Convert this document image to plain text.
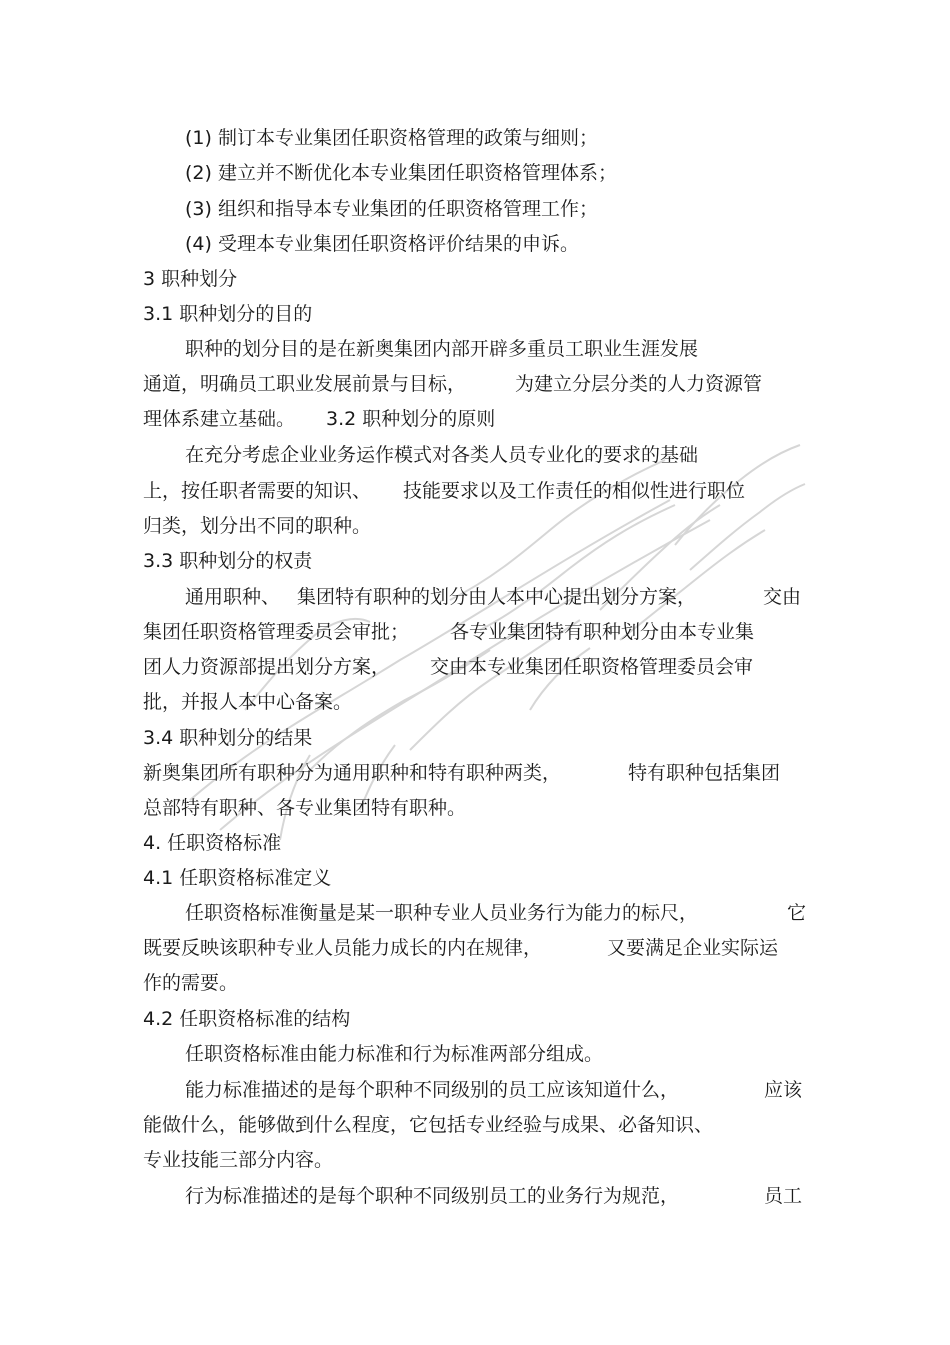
(1) 制订本专业集团任职资格管理的政策与细则；
(2) 建立并不断优化本专业集团任职资格管理体系；
(3) 组织和指导本专业集团的任职资格管理工作；
(4) 受理本专业集团任职资格评价结果的申诉。
3 职种划分
3.1 职种划分的目的
职种的划分目的是在新奥集团内部开辟多重员工职业生涯发展
通道，明确员工职业发展前景与目标，	为建立分层分类的人力资源管
理体系建立基础。 3.2 职种划分的原则
在充分考虑企业业务运作模式对各类人员专业化的要求的基础
上，按任职者需要的知识、 技能要求以及工作责任的相似性进行职位
归类，划分出不同的职种。
3.3 职种划分的权责
通用职种、 集团特有职种的划分由人本中心提出划分方案，	交由
集团任职资格管理委员会审批； 各专业集团特有职种划分由本专业集
团人力资源部提出划分方案， 交由本专业集团任职资格管理委员会审
批，并报人本中心备案。
3.4 职种划分的结果
新奥集团所有职种分为通用职种和特有职种两类，	特有职种包括集团
总部特有职种、各专业集团特有职种。
4. 任职资格标准
4.1 任职资格标准定义
任职资格标准衡量是某一职种专业人员业务行为能力的标尺，	它
既要反映该职种专业人员能力成长的内在规律，	又要满足企业实际运
作的需要。
4.2 任职资格标准的结构
任职资格标准由能力标准和行为标准两部分组成。
能力标准描述的是每个职种不同级别的员工应该知道什么，	应该
能做什么，能够做到什么程度，它包括专业经验与成果、必备知识、
专业技能三部分内容。
行为标准描述的是每个职种不同级别员工的业务行为规范，	员工
